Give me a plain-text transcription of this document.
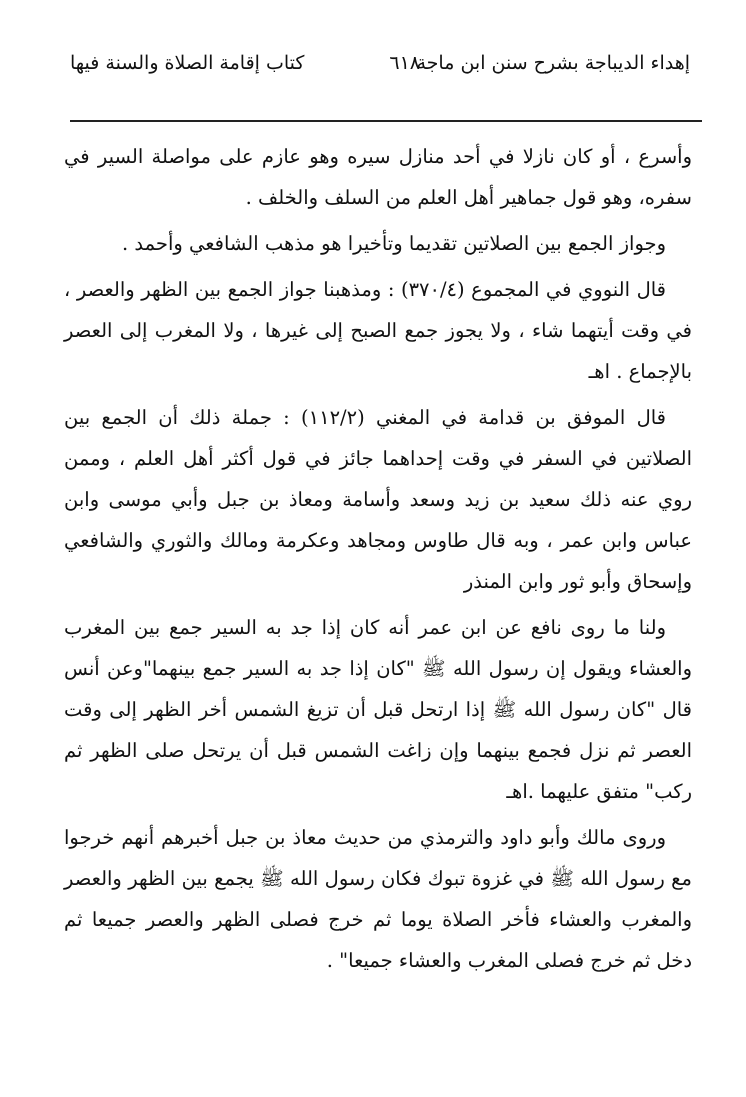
إهداء الديباجة بشرح سنن ابن ماجة
٦١٨
كتاب إقامة الصلاة والسنة فيها

وأسرع ، أو كان نازلا في أحد منازل سيره وهو عازم على مواصلة السير في سفره، وهو قول جماهير أهل العلم من السلف والخلف .

وجواز الجمع بين الصلاتين تقديما وتأخيرا هو مذهب الشافعي وأحمد .

قال النووي في المجموع (٣٧٠/٤) : ومذهبنا جواز الجمع بين الظهر والعصر ، في وقت أيتهما شاء ، ولا يجوز جمع الصبح إلى غيرها ، ولا المغرب إلى العصر بالإجماع . اهـ

قال الموفق بن قدامة في المغني (١١٢/٢) : جملة ذلك أن الجمع بين الصلاتين في السفر في وقت إحداهما جائز في قول أكثر أهل العلم ، وممن روي عنه ذلك سعيد بن زيد وسعد وأسامة ومعاذ بن جبل وأبي موسى وابن عباس وابن عمر ، وبه قال طاوس ومجاهد وعكرمة ومالك والثوري والشافعي وإسحاق وأبو ثور وابن المنذر

ولنا ما روى نافع عن ابن عمر أنه كان إذا جد به السير جمع بين المغرب والعشاء ويقول إن رسول الله ﷺ "كان إذا جد به السير جمع بينهما"وعن أنس قال "كان رسول الله ﷺ إذا ارتحل قبل أن تزيغ الشمس أخر الظهر إلى وقت العصر ثم نزل فجمع بينهما وإن زاغت الشمس قبل أن يرتحل صلى الظهر ثم ركب" متفق عليهما .اهـ

وروى مالك وأبو داود والترمذي من حديث معاذ بن جبل أخبرهم أنهم خرجوا مع رسول الله ﷺ في غزوة تبوك فكان رسول الله ﷺ يجمع بين الظهر والعصر والمغرب والعشاء فأخر الصلاة يوما ثم خرج فصلى الظهر والعصر جميعا ثم دخل ثم خرج فصلى المغرب والعشاء جميعا" .
